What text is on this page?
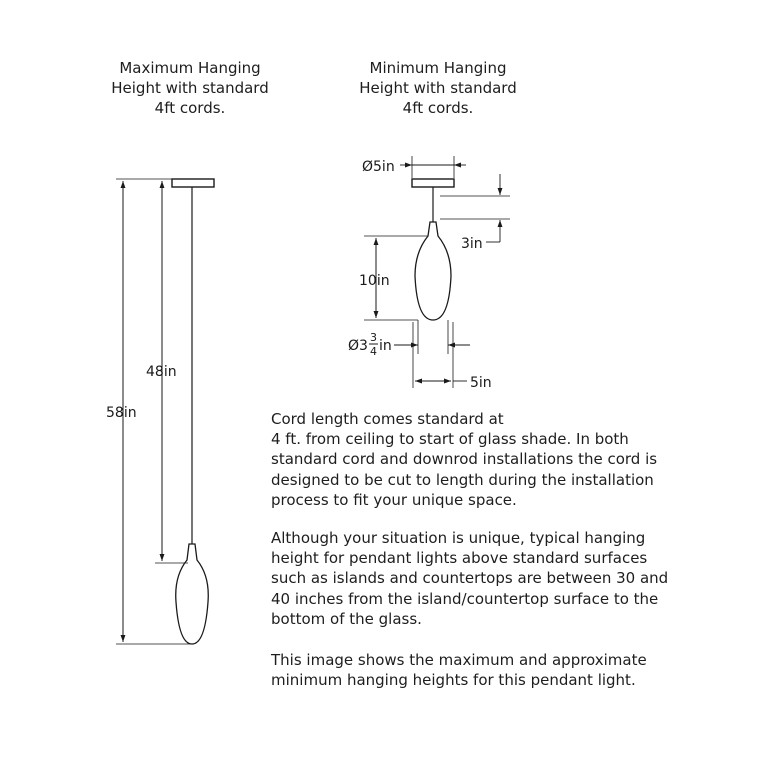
Maximum Hanging
Height with standard
4ft cords.
Minimum Hanging
Height with standard
4ft cords.
58in
48in
Ø5in
3in
10in
Ø3
3
4 in
5in
Cord length comes standard at
4 ft. from ceiling to start of glass shade. In both
standard cord and downrod installations the cord is
designed to be cut to length during the installation
process to fit your unique space.
Although your situation is unique, typical hanging
height for pendant lights above standard surfaces
such as islands and countertops are between 30 and
40 inches from the island/countertop surface to the
bottom of the glass.
This image shows the maximum and approximate
minimum hanging heights for this pendant light.
